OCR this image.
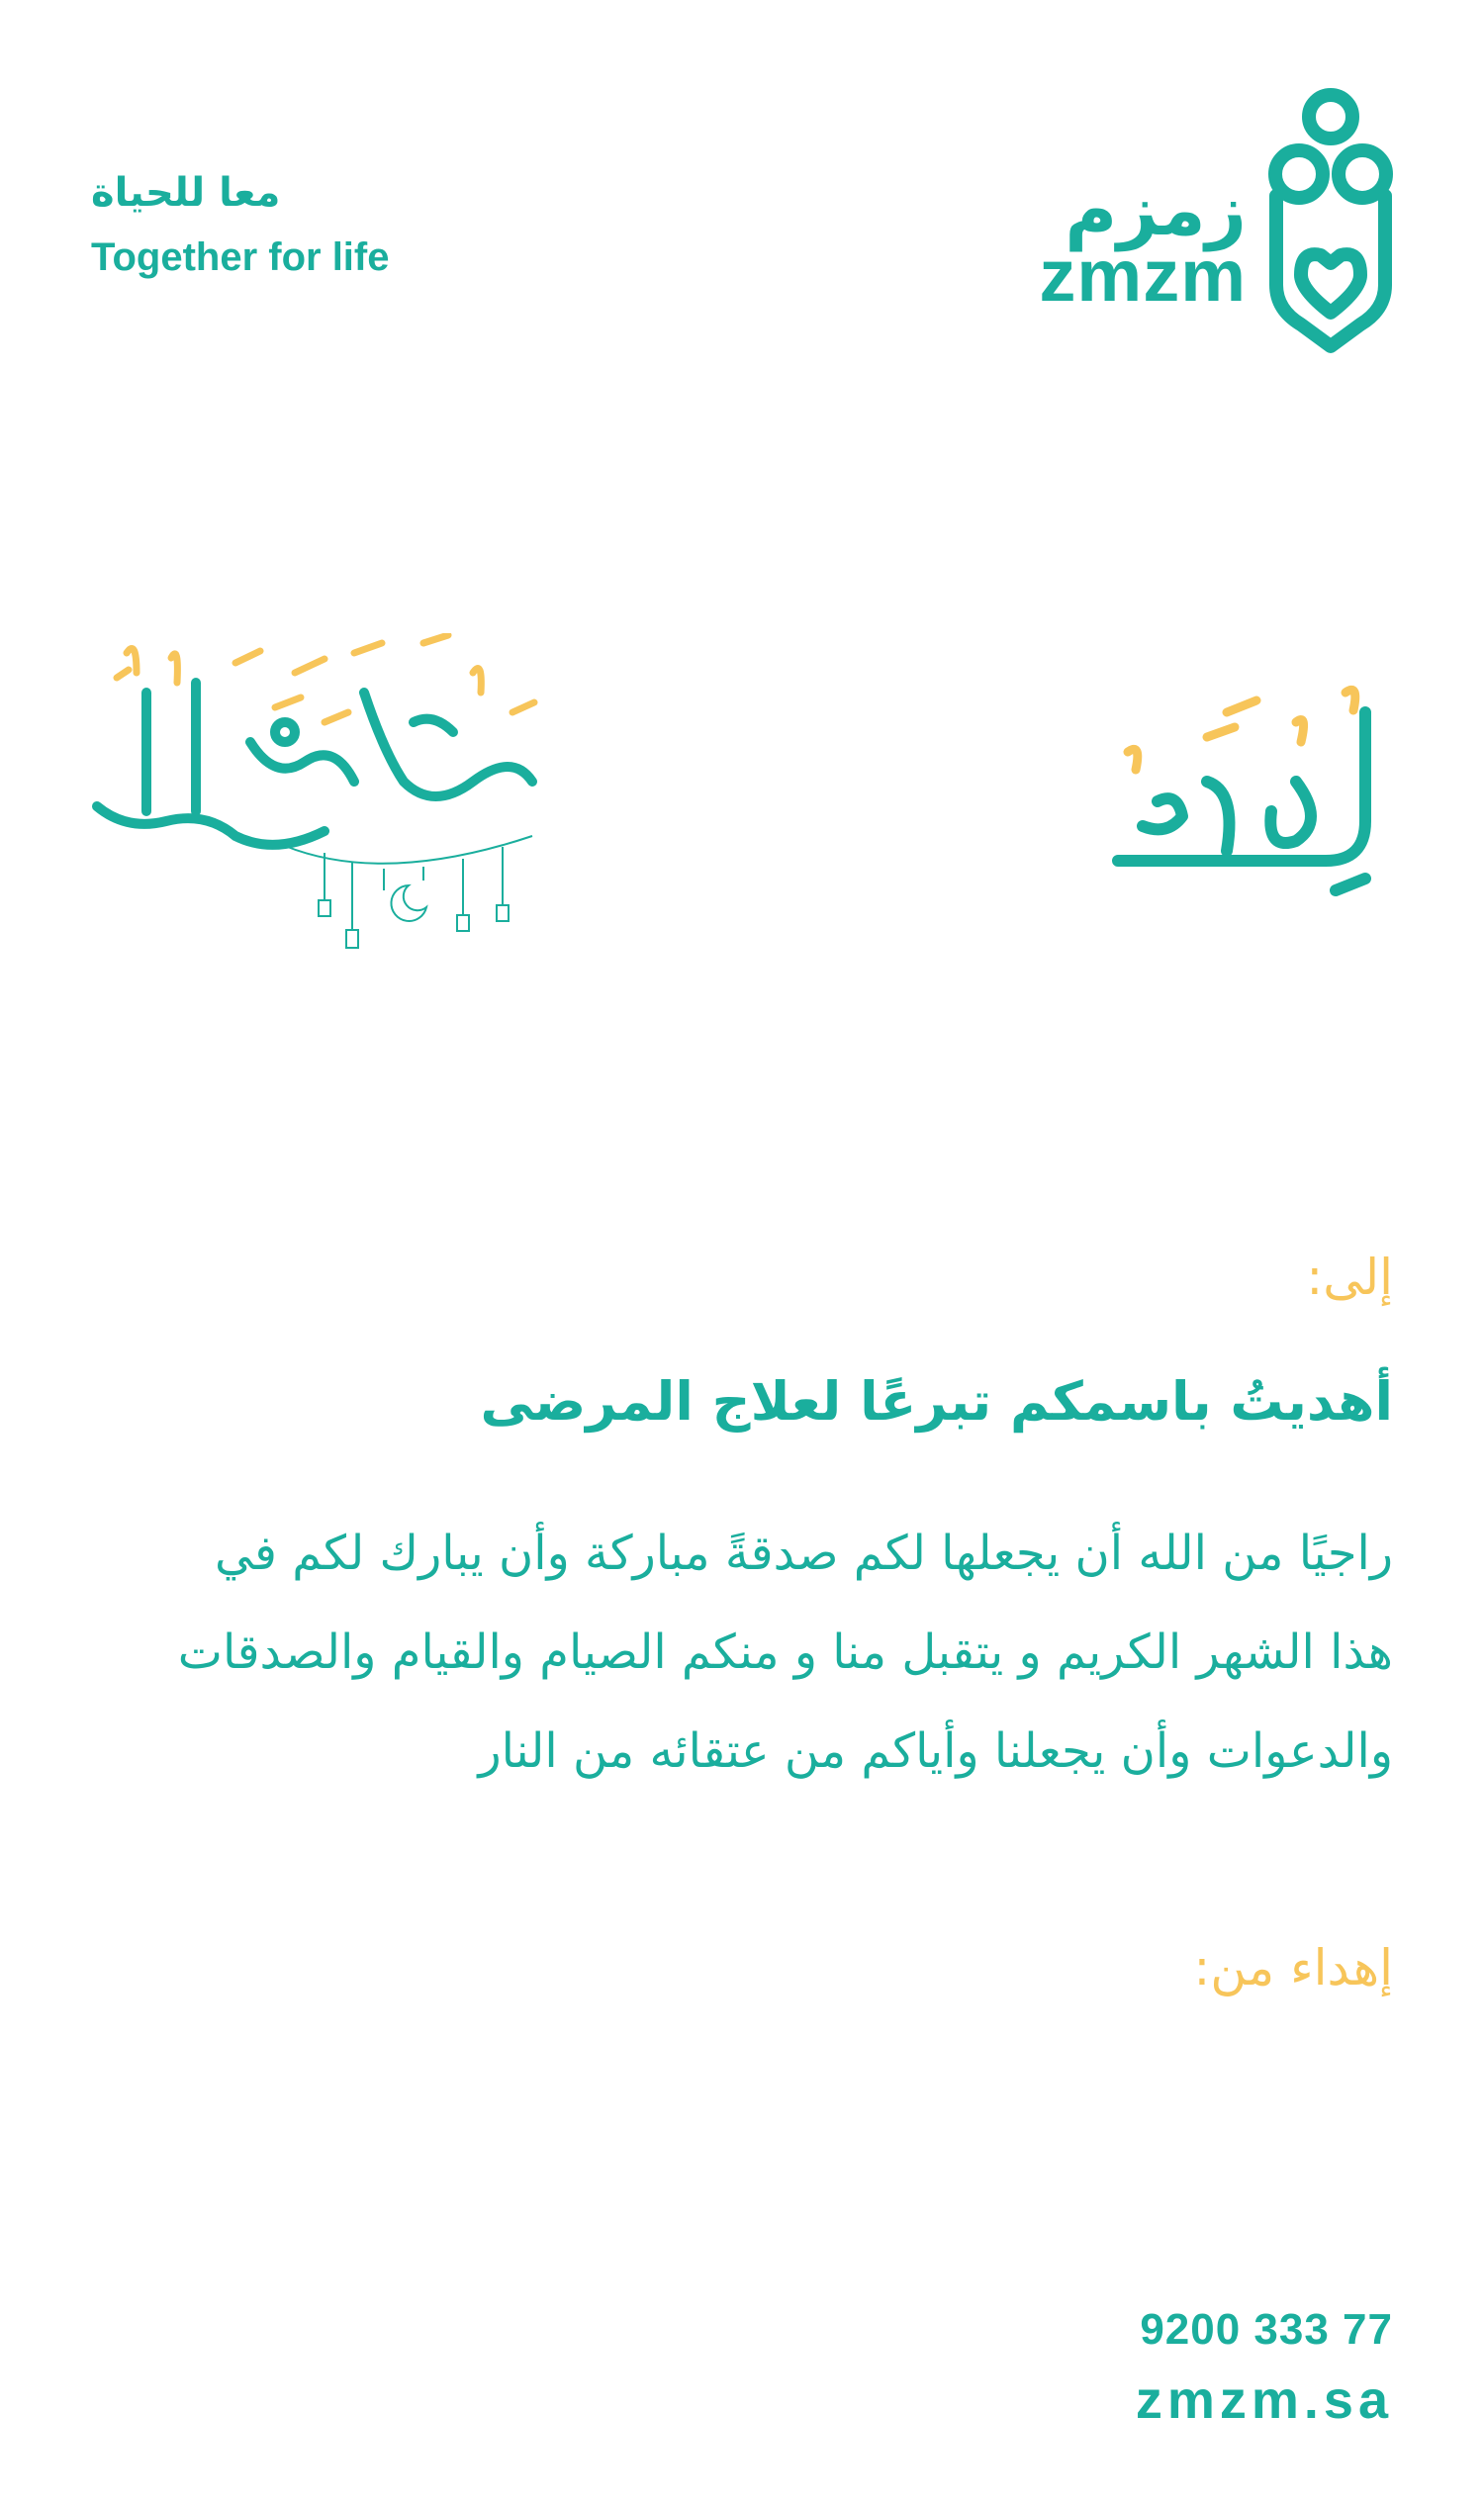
معا للحياة
Together for life
زمزم
zmzm
إلى:
أهديتُ باسمكم تبرعًا لعلاج المرضى
راجيًا من الله أن يجعلها لكم صدقةً مباركة وأن يبارك لكم في هذا الشهر الكريم و يتقبل منا و منكم الصيام والقيام والصدقات والدعوات وأن يجعلنا وأياكم من عتقائه من النار
إهداء من:
9200 333 77
zmzm.sa
